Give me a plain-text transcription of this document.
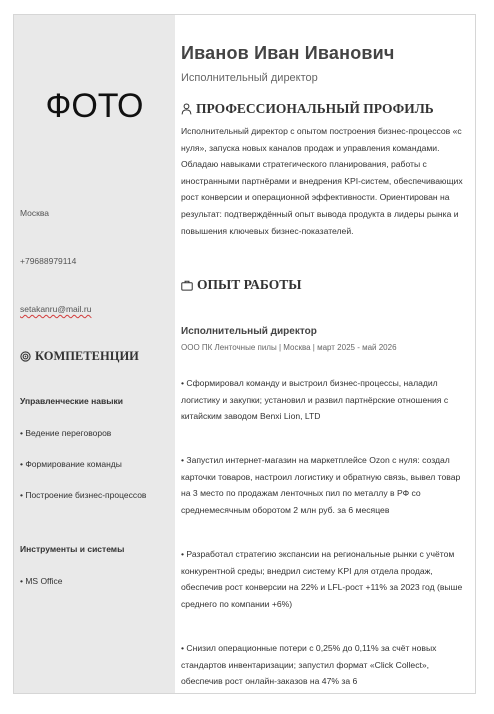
ФОТО
Москва
+79688979114
setakanru@mail.ru
КОМПЕТЕНЦИИ
Управленческие навыки
• Ведение переговоров
• Формирование команды
• Построение бизнес-процессов
Инструменты и системы
• MS Office
Иванов Иван Иванович
Исполнительный директор
ПРОФЕССИОНАЛЬНЫЙ ПРОФИЛЬ
Исполнительный директор с опытом построения бизнес-процессов «с нуля», запуска новых каналов продаж и управления командами. Обладаю навыками стратегического планирования, работы с иностранными партнёрами и внедрения KPI-систем, обеспечивающих рост конверсии и операционной эффективности. Ориентирован на результат: подтверждённый опыт вывода продукта в лидеры рынка и повышения ключевых бизнес-показателей.
ОПЫТ РАБОТЫ
Исполнительный директор
ООО ПК Ленточные пилы | Москва | март 2025 - май 2026
• Сформировал команду и выстроил бизнес-процессы, наладил логистику и закупки; установил и развил партнёрские отношения с китайским заводом Benxi Lion, LTD
• Запустил интернет-магазин на маркетплейсе Ozon с нуля: создал карточки товаров, настроил логистику и обратную связь, вывел товар на 3 место по продажам ленточных пил по металлу в РФ со среднемесячным оборотом 2 млн руб. за 6 месяцев
• Разработал стратегию экспансии на региональные рынки с учётом конкурентной среды; внедрил систему KPI для отдела продаж, обеспечив рост конверсии на 22% и LFL-рост +11% за 2023 год (выше среднего по компании +6%)
• Снизил операционные потери с 0,25% до 0,11% за счёт новых стандартов инвентаризации; запустил формат «Click Collect», обеспечив рост онлайн-заказов на 47% за 6
